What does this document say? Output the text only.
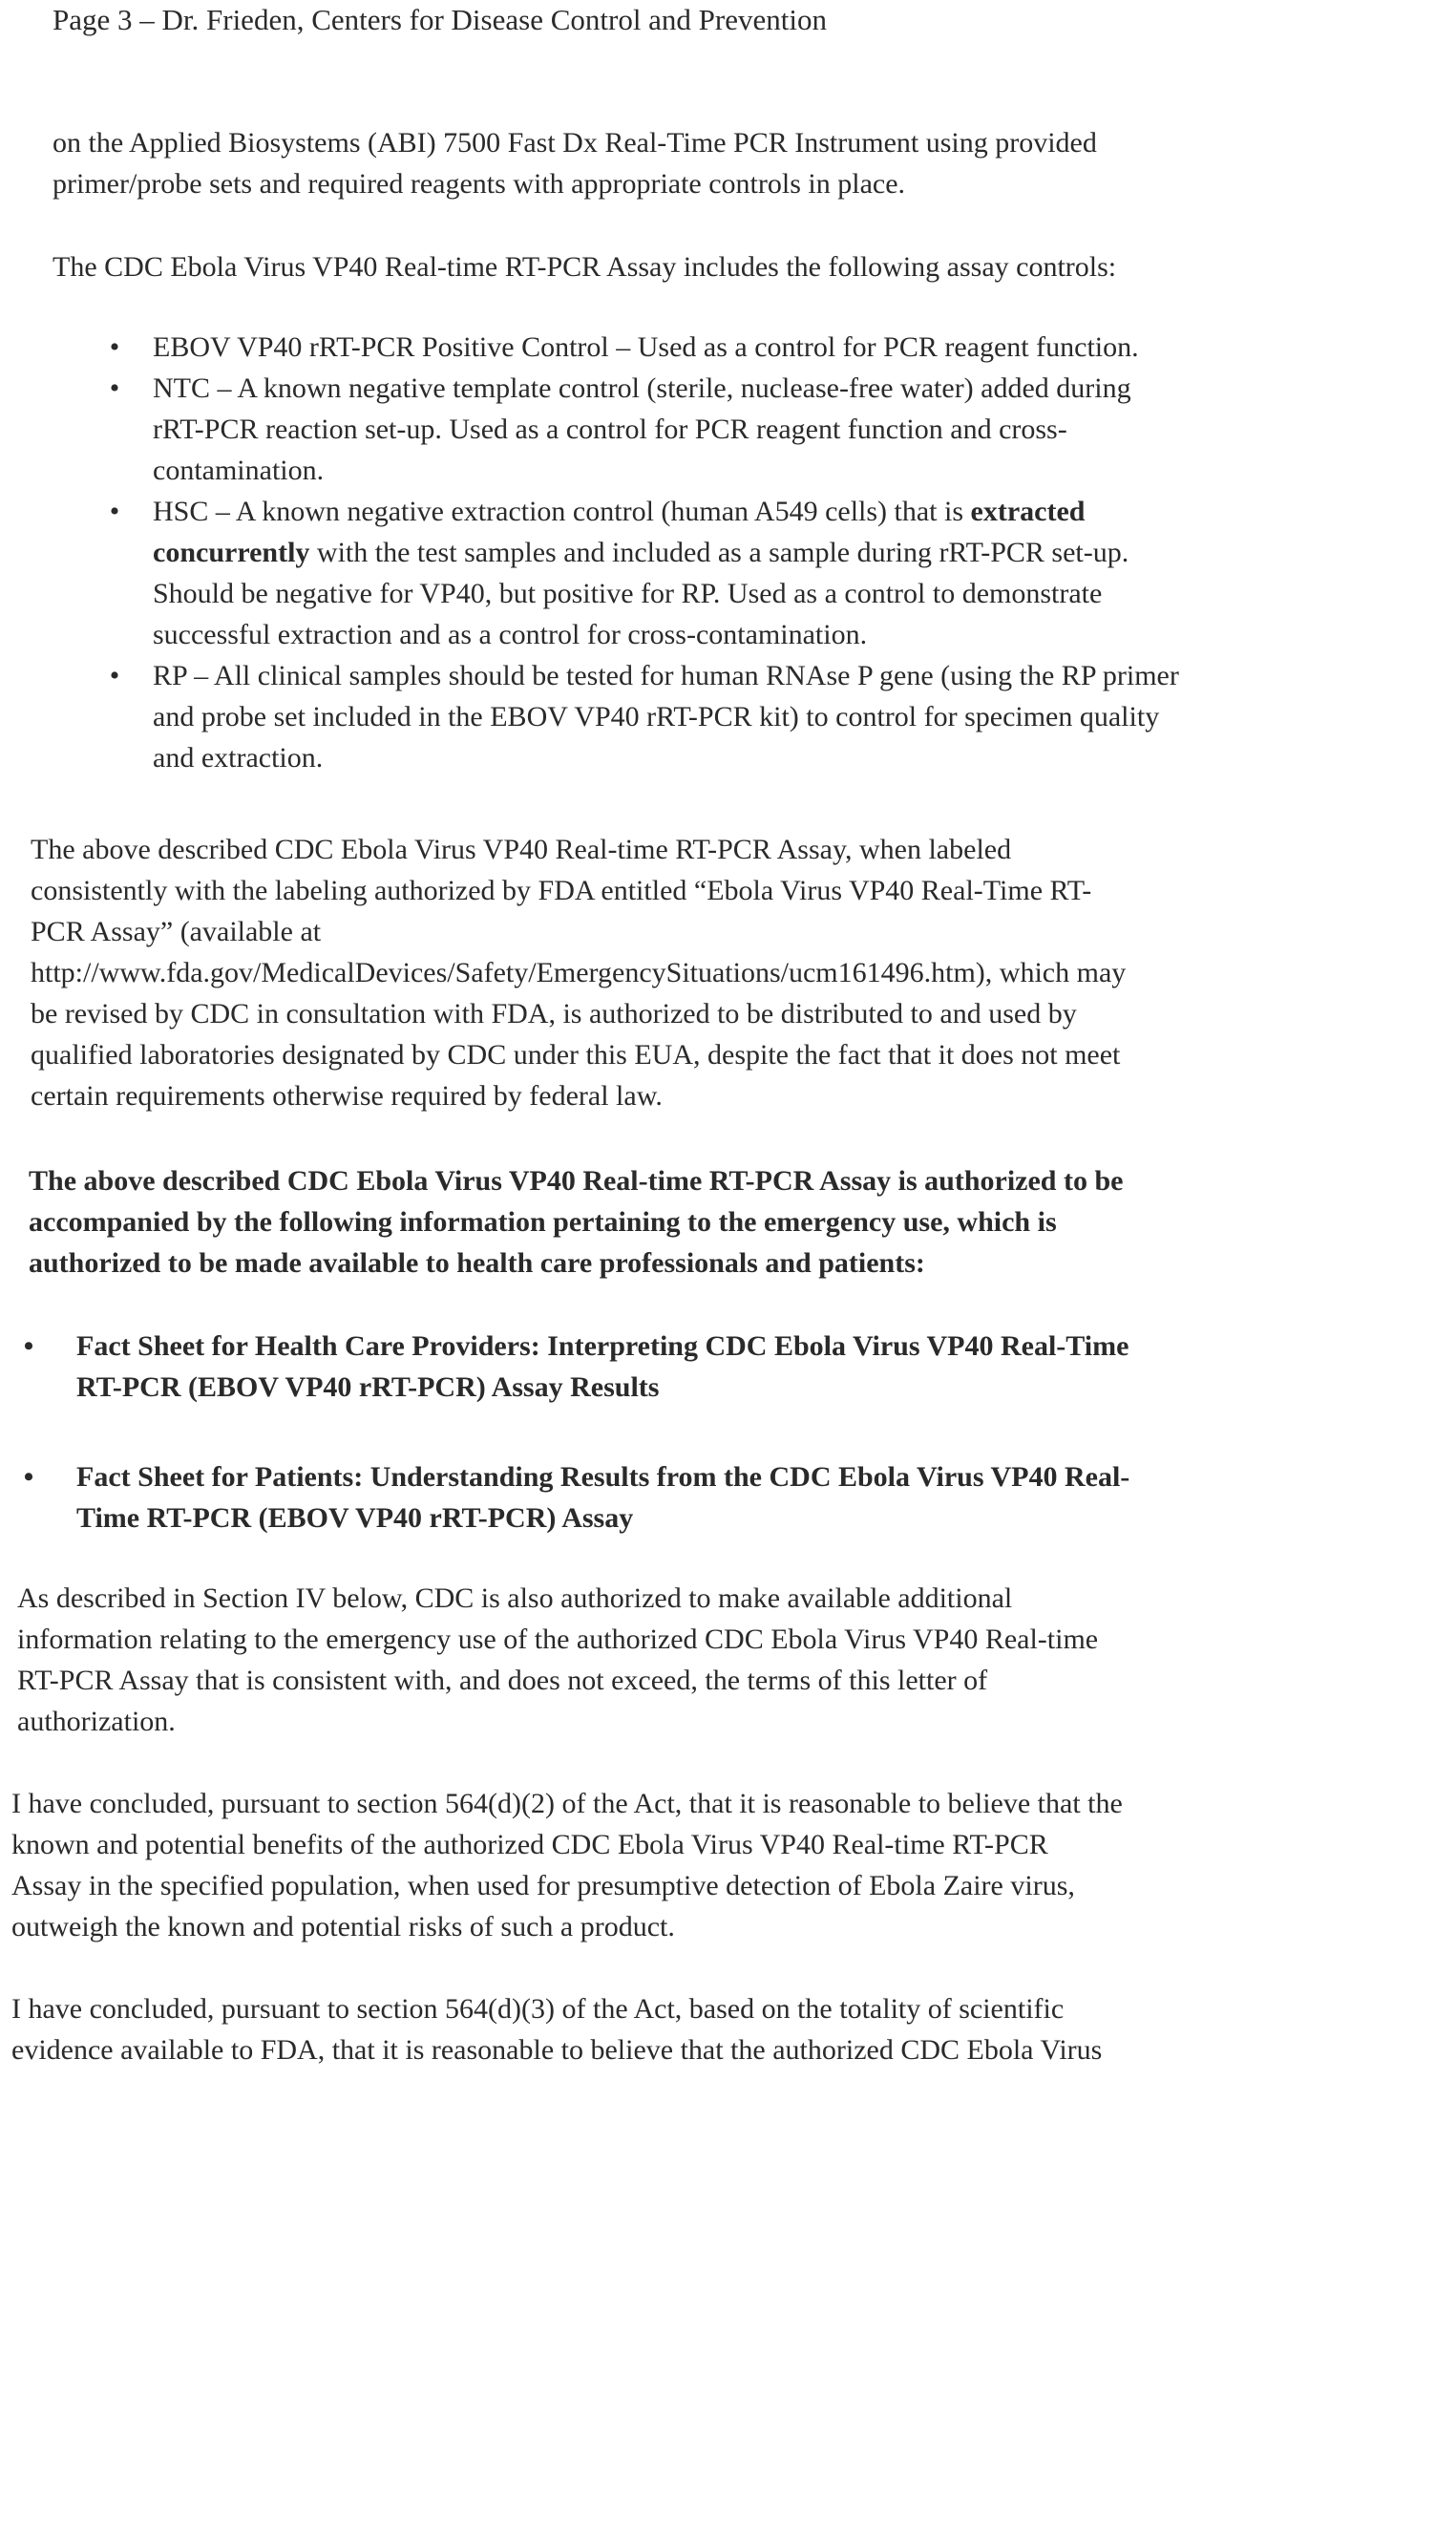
Page 3 – Dr. Frieden, Centers for Disease Control and Prevention
on the Applied Biosystems (ABI) 7500 Fast Dx Real-Time PCR Instrument using provided
primer/probe sets and required reagents with appropriate controls in place.
The CDC Ebola Virus VP40 Real-time RT-PCR Assay includes the following assay controls:
• EBOV VP40 rRT-PCR Positive Control – Used as a control for PCR reagent function.
• NTC – A known negative template control (sterile, nuclease-free water) added during
rRT-PCR reaction set-up. Used as a control for PCR reagent function and cross-
contamination.
• HSC – A known negative extraction control (human A549 cells) that is extracted
concurrently with the test samples and included as a sample during rRT-PCR set-up.
Should be negative for VP40, but positive for RP. Used as a control to demonstrate
successful extraction and as a control for cross-contamination.
• RP – All clinical samples should be tested for human RNAse P gene (using the RP primer
and probe set included in the EBOV VP40 rRT-PCR kit) to control for specimen quality
and extraction.
The above described CDC Ebola Virus VP40 Real-time RT-PCR Assay, when labeled
consistently with the labeling authorized by FDA entitled “Ebola Virus VP40 Real-Time RT-
PCR Assay” (available at
http://www.fda.gov/MedicalDevices/Safety/EmergencySituations/ucm161496.htm), which may
be revised by CDC in consultation with FDA, is authorized to be distributed to and used by
qualified laboratories designated by CDC under this EUA, despite the fact that it does not meet
certain requirements otherwise required by federal law.
The above described CDC Ebola Virus VP40 Real-time RT-PCR Assay is authorized to be
accompanied by the following information pertaining to the emergency use, which is
authorized to be made available to health care professionals and patients:
• Fact Sheet for Health Care Providers: Interpreting CDC Ebola Virus VP40 Real-Time
RT-PCR (EBOV VP40 rRT-PCR) Assay Results
• Fact Sheet for Patients: Understanding Results from the CDC Ebola Virus VP40 Real-
Time RT-PCR (EBOV VP40 rRT-PCR) Assay
As described in Section IV below, CDC is also authorized to make available additional
information relating to the emergency use of the authorized CDC Ebola Virus VP40 Real-time
RT-PCR Assay that is consistent with, and does not exceed, the terms of this letter of
authorization.
I have concluded, pursuant to section 564(d)(2) of the Act, that it is reasonable to believe that the
known and potential benefits of the authorized CDC Ebola Virus VP40 Real-time RT-PCR
Assay in the specified population, when used for presumptive detection of Ebola Zaire virus,
outweigh the known and potential risks of such a product.
I have concluded, pursuant to section 564(d)(3) of the Act, based on the totality of scientific
evidence available to FDA, that it is reasonable to believe that the authorized CDC Ebola Virus
